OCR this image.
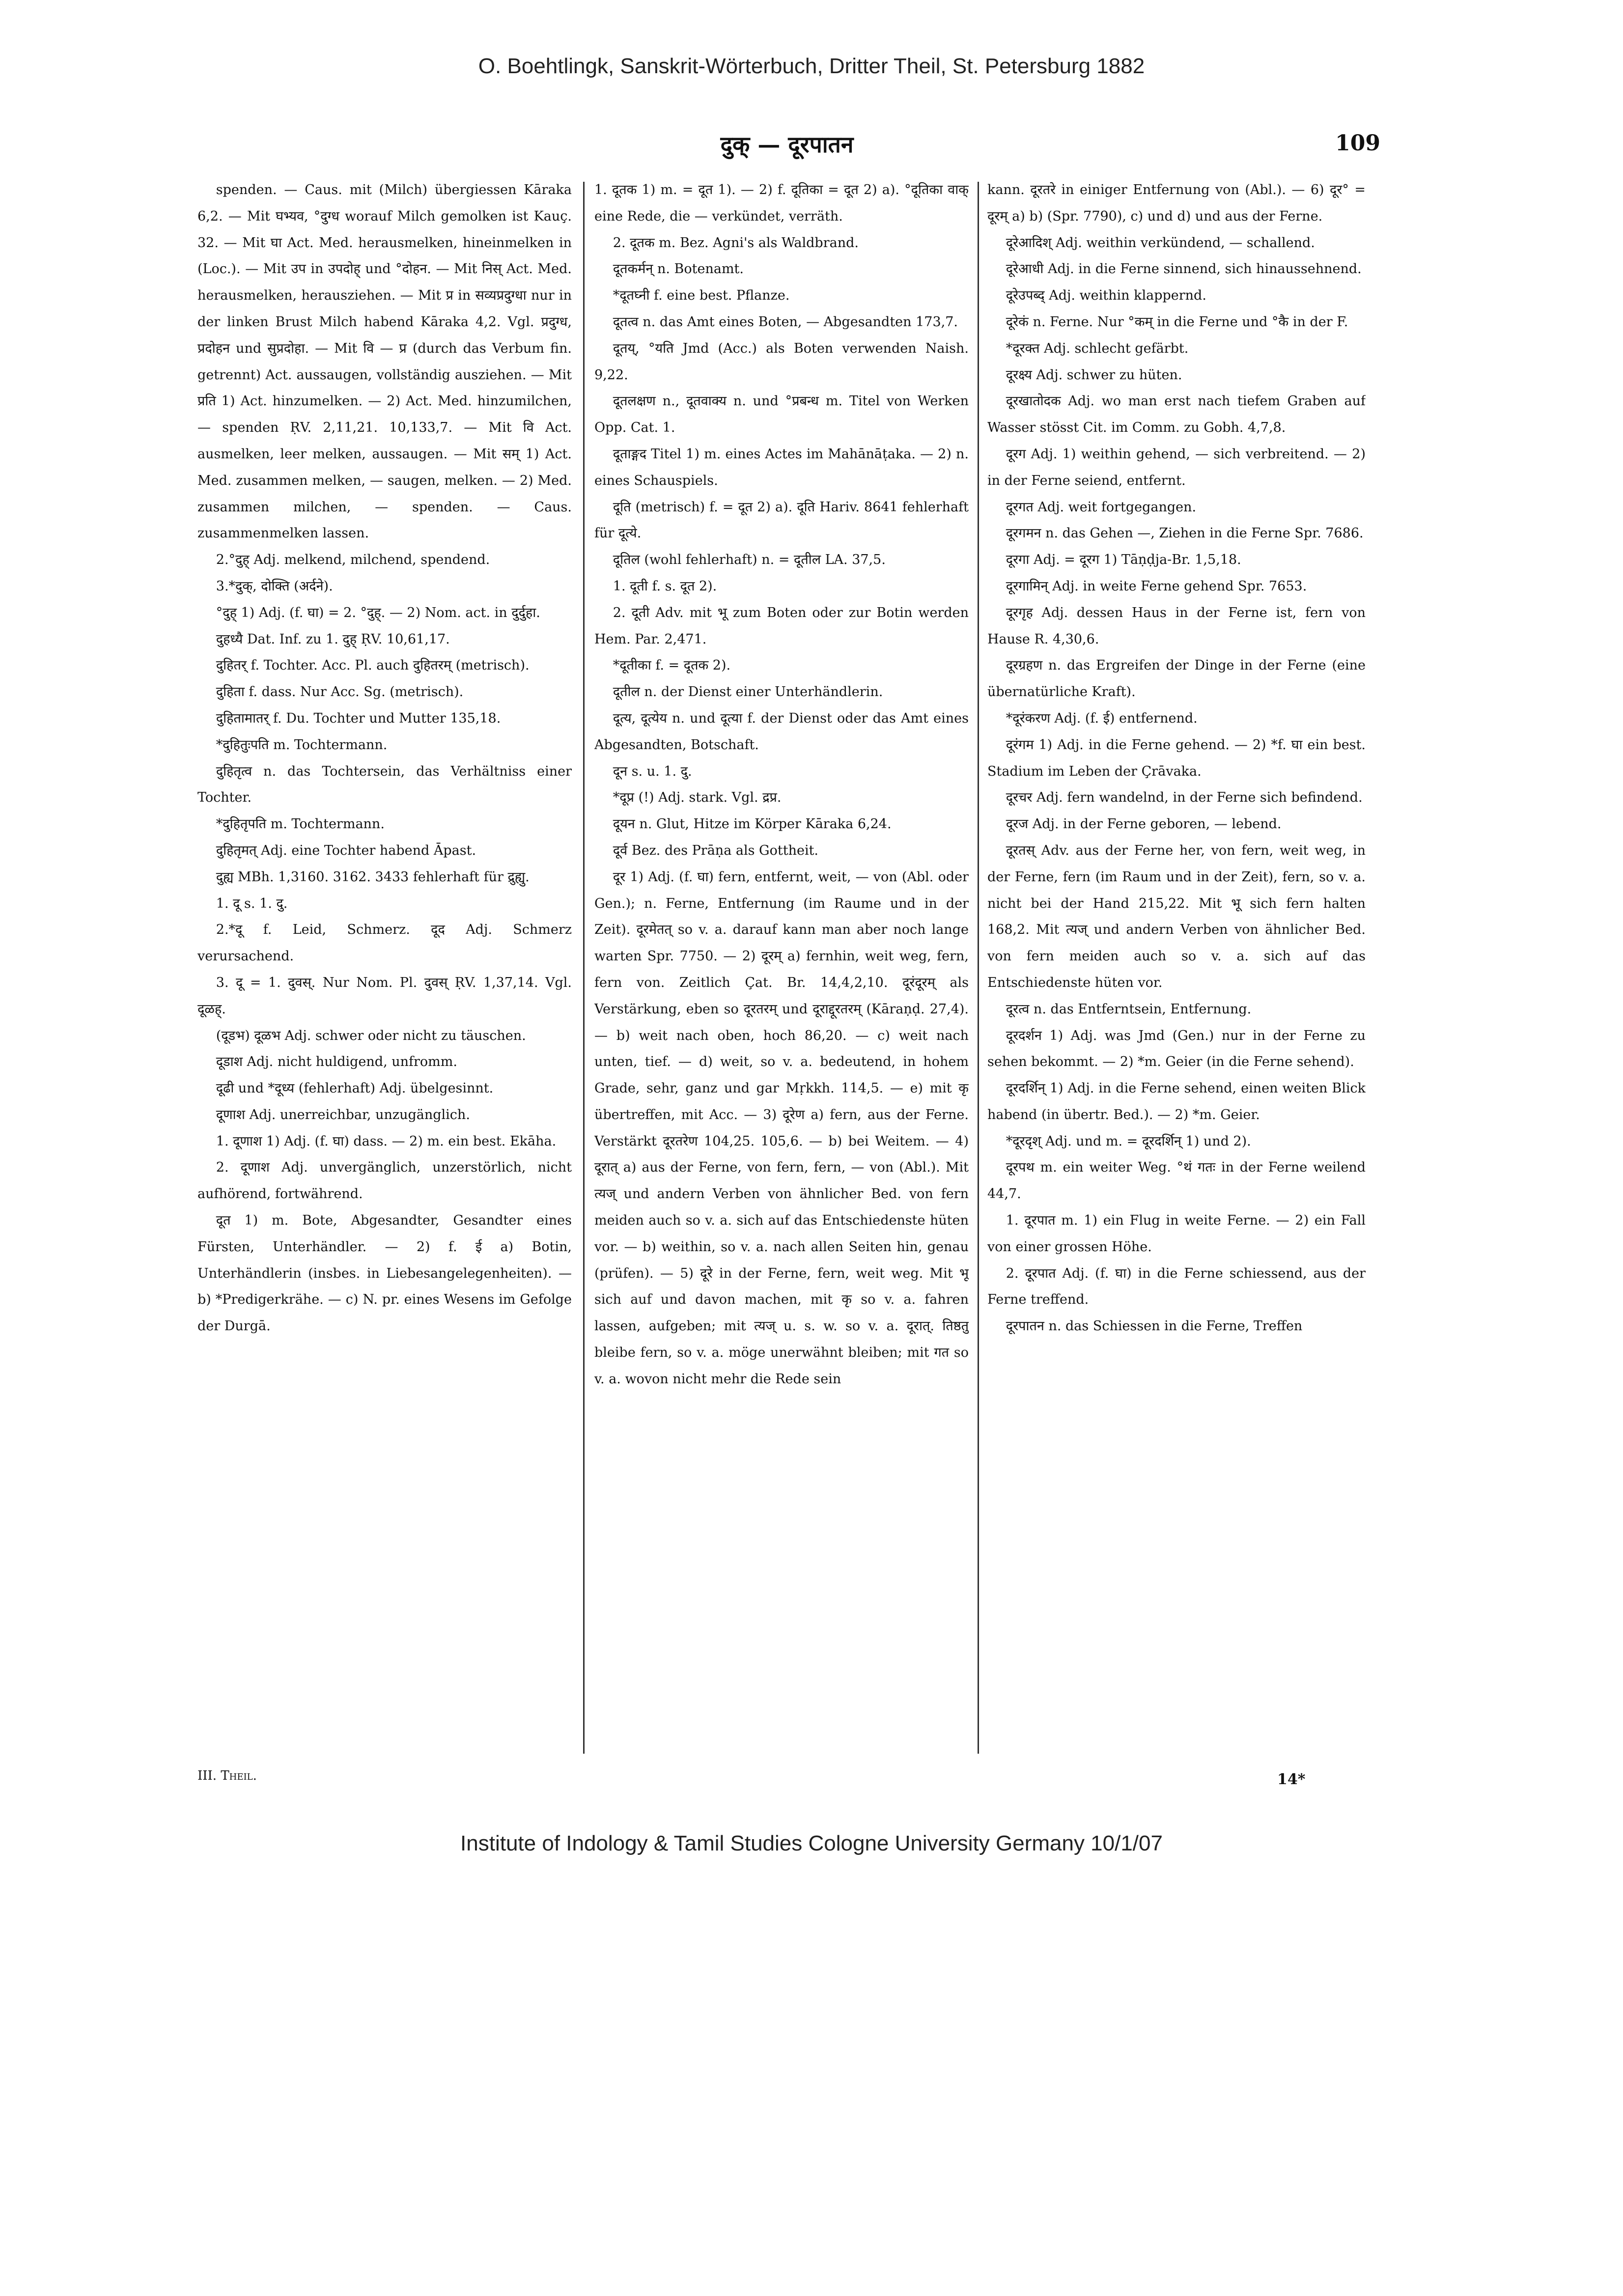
O. Boehtlingk, Sanskrit-Wörterbuch, Dritter Theil, St. Petersburg 1882
दुक् — दूरपातन	109

spenden. — Caus. mit (Milch) übergiessen Kāraka 6,2. — Mit घभ्यव, °दुग्ध worauf Milch gemolken ist Kauç. 32. — Mit घा Act. Med. herausmelken, hineinmelken in (Loc.). — Mit उप in उपदोह् und °दोहन. — Mit निस् Act. Med. herausmelken, herausziehen. — Mit प्र in सव्यप्रदुग्धा nur in der linken Brust Milch habend Kāraka 4,2. Vgl. प्रदुग्ध, प्रदोहन und सुप्रदोहा. — Mit वि — प्र (durch das Verbum fin. getrennt) Act. aussaugen, vollständig ausziehen. — Mit प्रति 1) Act. hinzumelken. — 2) Act. Med. hinzumilchen, — spenden ṚV. 2,11,21. 10,133,7. — Mit वि Act. ausmelken, leer melken, aussaugen. — Mit सम् 1) Act. Med. zusammen melken, — saugen, melken. — 2) Med. zusammen milchen, — spenden. — Caus. zusammenmelken lassen.

2.°दुह् Adj. melkend, milchend, spendend.

3.*दुक्, दोक्ति (अर्दने).

°दुह् 1) Adj. (f. घा) = 2. °दुह्. — 2) Nom. act. in दुर्दुहा.

दुहध्यै Dat. Inf. zu 1. दुह् ṚV. 10,61,17.

दुहितर् f. Tochter. Acc. Pl. auch दुहितरम् (metrisch).

दुहिता f. dass. Nur Acc. Sg. (metrisch).

दुहितामातर् f. Du. Tochter und Mutter 135,18.

*दुहितुःपति m. Tochtermann.

दुहितृत्व n. das Tochtersein, das Verhältniss einer Tochter.

*दुहितृपति m. Tochtermann.

दुहितृमत् Adj. eine Tochter habend Āpast.

दुह्य MBh. 1,3160. 3162. 3433 fehlerhaft für द्रुह्यु.

1. दू s. 1. दु.

2.*दू f. Leid, Schmerz. दूद Adj. Schmerz verursachend.

3. दू = 1. दुवस्. Nur Nom. Pl. दुवस् ṚV. 1,37,14. Vgl. दूळह्.

(दूडभ) दूळभ Adj. schwer oder nicht zu täuschen.

दूडाश Adj. nicht huldigend, unfromm.

दूढी und *दूध्य (fehlerhaft) Adj. übelgesinnt.

दूणाश Adj. unerreichbar, unzugänglich.

1. दूणाश 1) Adj. (f. घा) dass. — 2) m. ein best. Ekāha.

2. दूणाश Adj. unvergänglich, unzerstörlich, nicht aufhörend, fortwährend.

दूत 1) m. Bote, Abgesandter, Gesandter eines Fürsten, Unterhändler. — 2) f. ई a) Botin, Unterhändlerin (insbes. in Liebesangelegenheiten). — b) *Predigerkrähe. — c) N. pr. eines Wesens im Gefolge der Durgā.

1. दूतक 1) m. = दूत 1). — 2) f. दूतिका = दूत 2) a). °दूतिका वाक् eine Rede, die — verkündet, verräth.

2. दूतक m. Bez. Agni's als Waldbrand.

दूतकर्मन् n. Botenamt.

*दूतघ्नी f. eine best. Pflanze.

दूतत्व n. das Amt eines Boten, — Abgesandten 173,7.

दूतय्, °यति Jmd (Acc.) als Boten verwenden Naish. 9,22.

दूतलक्षण n., दूतवाक्य n. und °प्रबन्ध m. Titel von Werken Opp. Cat. 1.

दूताङ्गद Titel 1) m. eines Actes im Mahānāṭaka. — 2) n. eines Schauspiels.

दूति (metrisch) f. = दूत 2) a). दूति Hariv. 8641 fehlerhaft für दूत्ये.

दूतिल (wohl fehlerhaft) n. = दूतील LA. 37,5.

1. दूती f. s. दूत 2).

2. दूती Adv. mit भू zum Boten oder zur Botin werden Hem. Par. 2,471.

*दूतीका f. = दूतक 2).

दूतील n. der Dienst einer Unterhändlerin.

दूत्य, दूत्येय n. und दूत्या f. der Dienst oder das Amt eines Abgesandten, Botschaft.

दून s. u. 1. दु.

*दूप्र (!) Adj. stark. Vgl. द्रप्र.

दूयन n. Glut, Hitze im Körper Kāraka 6,24.

दूर्व Bez. des Prāṇa als Gottheit.

दूर 1) Adj. (f. घा) fern, entfernt, weit, — von (Abl. oder Gen.); n. Ferne, Entfernung (im Raume und in der Zeit). दूरमेतत् so v. a. darauf kann man aber noch lange warten Spr. 7750. — 2) दूरम् a) fernhin, weit weg, fern, fern von. Zeitlich Çat. Br. 14,4,2,10. दूरंदूरम् als Verstärkung, eben so दूरतरम् und दूराद्दूरतरम् (Kāraṇḍ. 27,4). — b) weit nach oben, hoch 86,20. — c) weit nach unten, tief. — d) weit, so v. a. bedeutend, in hohem Grade, sehr, ganz und gar Mṛkkh. 114,5. — e) mit कृ übertreffen, mit Acc. — 3) दूरेण a) fern, aus der Ferne. Verstärkt दूरतरेण 104,25. 105,6. — b) bei Weitem. — 4) दूरात् a) aus der Ferne, von fern, fern, — von (Abl.). Mit त्यज् und andern Verben von ähnlicher Bed. von fern meiden auch so v. a. sich auf das Entschiedenste hüten vor. — b) weithin, so v. a. nach allen Seiten hin, genau (prüfen). — 5) दूरे in der Ferne, fern, weit weg. Mit भू sich auf und davon machen, mit कृ so v. a. fahren lassen, aufgeben; mit त्यज् u. s. w. so v. a. दूरात्. तिष्ठतु bleibe fern, so v. a. möge unerwähnt bleiben; mit गत so v. a. wovon nicht mehr die Rede sein

kann. दूरतरे in einiger Entfernung von (Abl.). — 6) दूर° = दूरम् a) b) (Spr. 7790), c) und d) und aus der Ferne.

दूरेआदिश् Adj. weithin verkündend, — schallend.

दूरेआधी Adj. in die Ferne sinnend, sich hinaussehnend.

दूरेउपब्द् Adj. weithin klappernd.

दूरेकं n. Ferne. Nur °कम् in die Ferne und °कै in der F.

*दूरक्त Adj. schlecht gefärbt.

दूरक्ष्य Adj. schwer zu hüten.

दूरखातोदक Adj. wo man erst nach tiefem Graben auf Wasser stösst Cit. im Comm. zu Gobh. 4,7,8.

दूरग Adj. 1) weithin gehend, — sich verbreitend. — 2) in der Ferne seiend, entfernt.

दूरगत Adj. weit fortgegangen.

दूरगमन n. das Gehen —, Ziehen in die Ferne Spr. 7686.

दूरगा Adj. = दूरग 1) Tāṇḍja-Br. 1,5,18.

दूरगामिन् Adj. in weite Ferne gehend Spr. 7653.

दूरगृह Adj. dessen Haus in der Ferne ist, fern von Hause R. 4,30,6.

दूरग्रहण n. das Ergreifen der Dinge in der Ferne (eine übernatürliche Kraft).

*दूरंकरण Adj. (f. ई) entfernend.

दूरंगम 1) Adj. in die Ferne gehend. — 2) *f. घा ein best. Stadium im Leben der Çrāvaka.

दूरचर Adj. fern wandelnd, in der Ferne sich befindend.

दूरज Adj. in der Ferne geboren, — lebend.

दूरतस् Adv. aus der Ferne her, von fern, weit weg, in der Ferne, fern (im Raum und in der Zeit), fern, so v. a. nicht bei der Hand 215,22. Mit भू sich fern halten 168,2. Mit त्यज् und andern Verben von ähnlicher Bed. von fern meiden auch so v. a. sich auf das Entschiedenste hüten vor.

दूरत्व n. das Entferntsein, Entfernung.

दूरदर्शन 1) Adj. was Jmd (Gen.) nur in der Ferne zu sehen bekommt. — 2) *m. Geier (in die Ferne sehend).

दूरदर्शिन् 1) Adj. in die Ferne sehend, einen weiten Blick habend (in übertr. Bed.). — 2) *m. Geier.

*दूरदृश् Adj. und m. = दूरदर्शिन् 1) und 2).

दूरपथ m. ein weiter Weg. °थं गतः in der Ferne weilend 44,7.

1. दूरपात m. 1) ein Flug in weite Ferne. — 2) ein Fall von einer grossen Höhe.

2. दूरपात Adj. (f. घा) in die Ferne schiessend, aus der Ferne treffend.

दूरपातन n. das Schiessen in die Ferne, Treffen

III. Theil.	14*
Institute of Indology & Tamil Studies Cologne University Germany 10/1/07
